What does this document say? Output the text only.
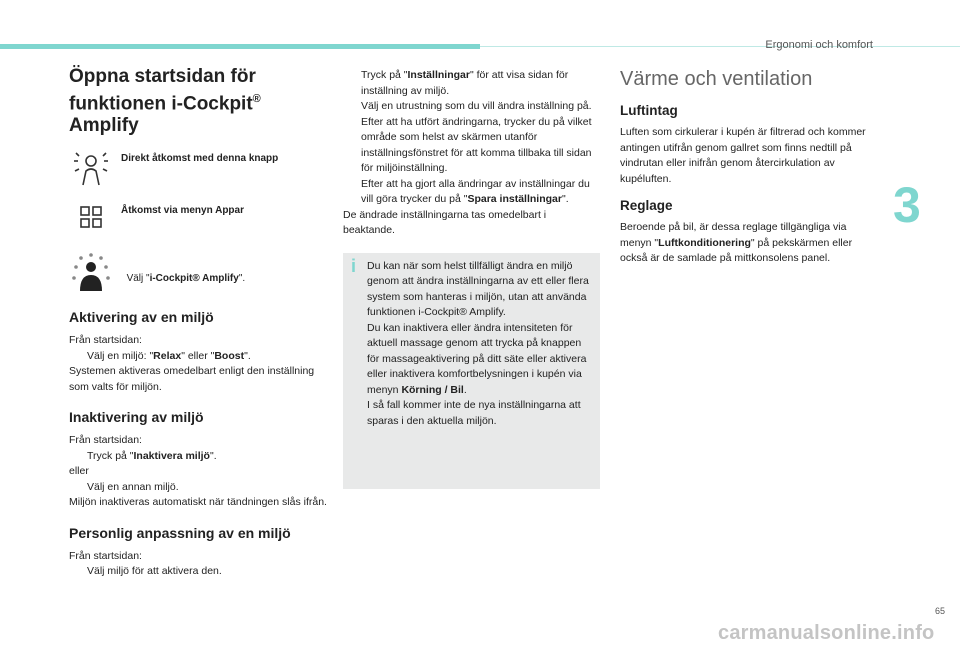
Ergonomi och komfort
3
Öppna startsidan för
funktionen i-Cockpit®
Amplify
Direkt åtkomst med denna knapp
Åtkomst via menyn Appar
Välj "i-Cockpit® Amplify".
Aktivering av en miljö

Från startsidan:

Välj en miljö: "Relax" eller "Boost".

Systemen aktiveras omedelbart enligt den inställning som valts för miljön.

Inaktivering av miljö

Från startsidan:

Tryck på "Inaktivera miljö".

eller

Välj en annan miljö.

Miljön inaktiveras automatiskt när tändningen slås ifrån.

Personlig anpassning av en miljö

Från startsidan:

Välj miljö för att aktivera den.
Tryck på "Inställningar" för att visa sidan för inställning av miljö.
Välj en utrustning som du vill ändra inställning på.
Efter att ha utfört ändringarna, trycker du på vilket område som helst av skärmen utanför inställningsfönstret för att komma tillbaka till sidan för miljöinställning.
Efter att ha gjort alla ändringar av inställningar du vill göra trycker du på "Spara inställningar".

De ändrade inställningarna tas omedelbart i beaktande.

i Du kan när som helst tillfälligt ändra en miljö genom att ändra inställningarna av ett eller flera system som hanteras i miljön, utan att använda funktionen i-Cockpit® Amplify.

Du kan inaktivera eller ändra intensiteten för aktuell massage genom att trycka på knappen för massageaktivering på ditt säte eller aktivera eller inaktivera komfortbelysningen i kupén via menyn Körning / Bil.

I så fall kommer inte de nya inställningarna att sparas i den aktuella miljön.

Värme och ventilation
Luftintag

Luften som cirkulerar i kupén är filtrerad och kommer antingen utifrån genom gallret som finns nedtill på vindrutan eller inifrån genom återcirkulation av kupéluften.

Reglage

Beroende på bil, är dessa reglage tillgängliga via menyn "Luftkonditionering" på pekskärmen eller också är de samlade på mittkonsolens panel.

65
carmanualsonline.info
